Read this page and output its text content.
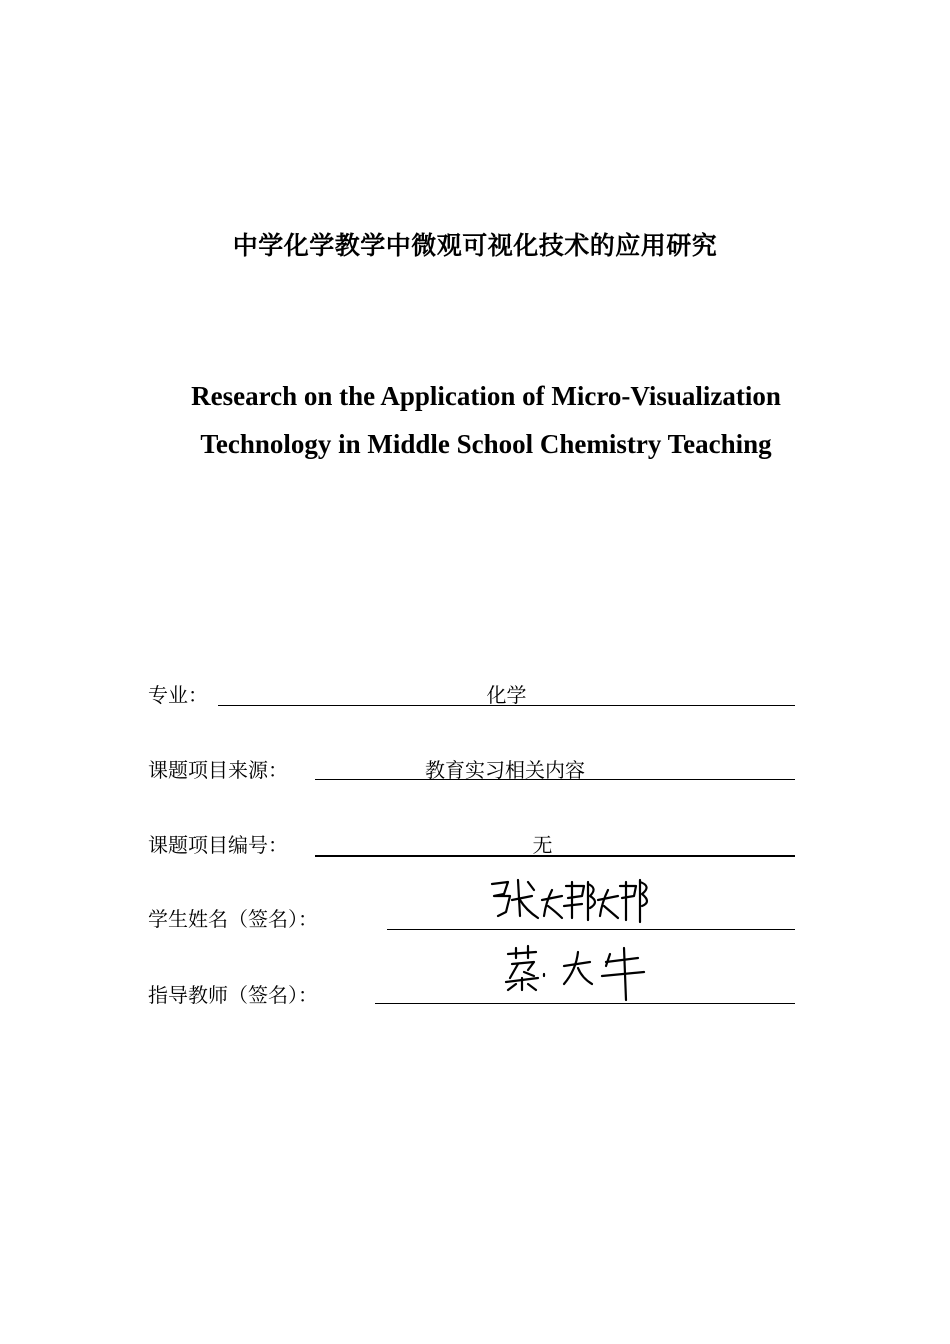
中学化学教学中微观可视化技术的应用研究
Research on the Application of Micro-Visualization
Technology in Middle School Chemistry Teaching
专业：	化学
课题项目来源：	教育实习相关内容
课题项目编号：	无
学生姓名（签名）：
指导教师（签名）：
